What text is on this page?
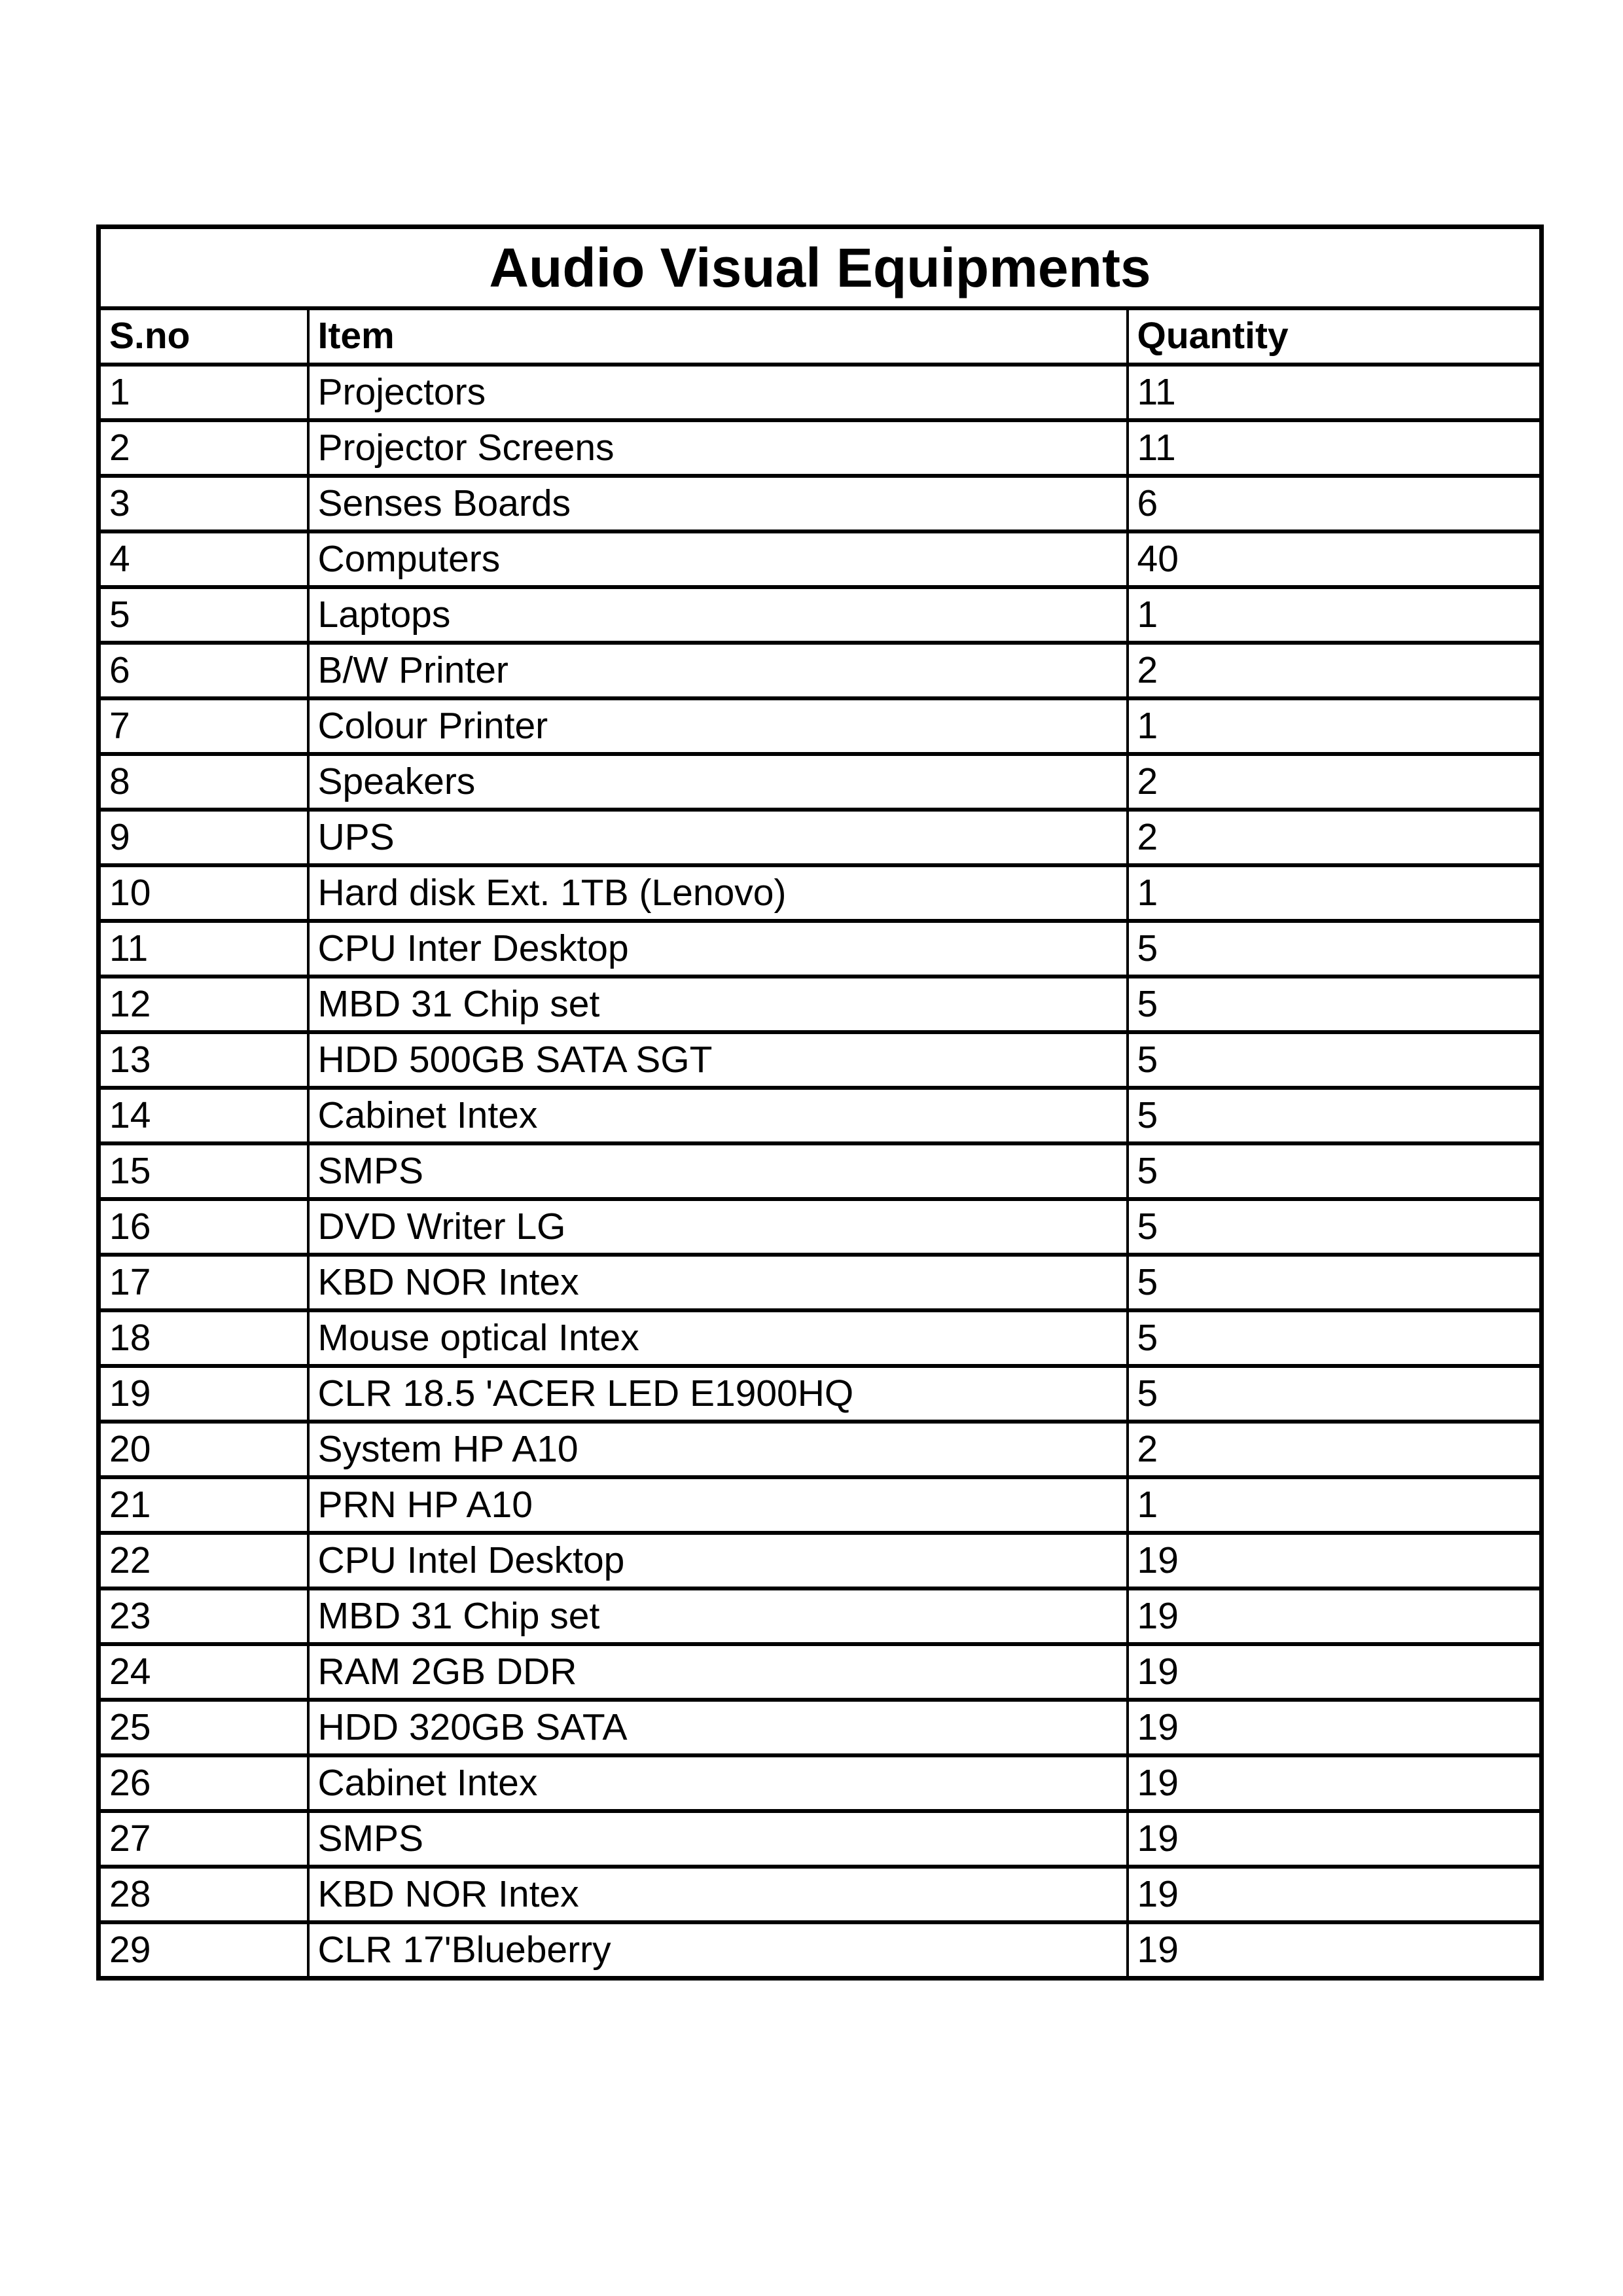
Audio Visual Equipments		
S.no	Item	Quantity
1	Projectors	11
2	Projector Screens	11
3	Senses Boards	6
4	Computers	40
5	Laptops	1
6	B/W Printer	2
7	Colour Printer	1
8	Speakers	2
9	UPS	2
10	Hard disk Ext. 1TB (Lenovo)	1
11	CPU Inter Desktop	5
12	MBD 31 Chip set	5
13	HDD 500GB SATA SGT	5
14	Cabinet Intex	5
15	SMPS	5
16	DVD Writer LG	5
17	KBD NOR Intex	5
18	Mouse optical Intex	5
19	CLR 18.5 'ACER LED E1900HQ	5
20	System HP A10	2
21	PRN HP A10	1
22	CPU Intel Desktop	19
23	MBD 31 Chip set	19
24	RAM 2GB DDR	19
25	HDD 320GB SATA	19
26	Cabinet Intex	19
27	SMPS	19
28	KBD NOR Intex	19
29	CLR 17'Blueberry	19
